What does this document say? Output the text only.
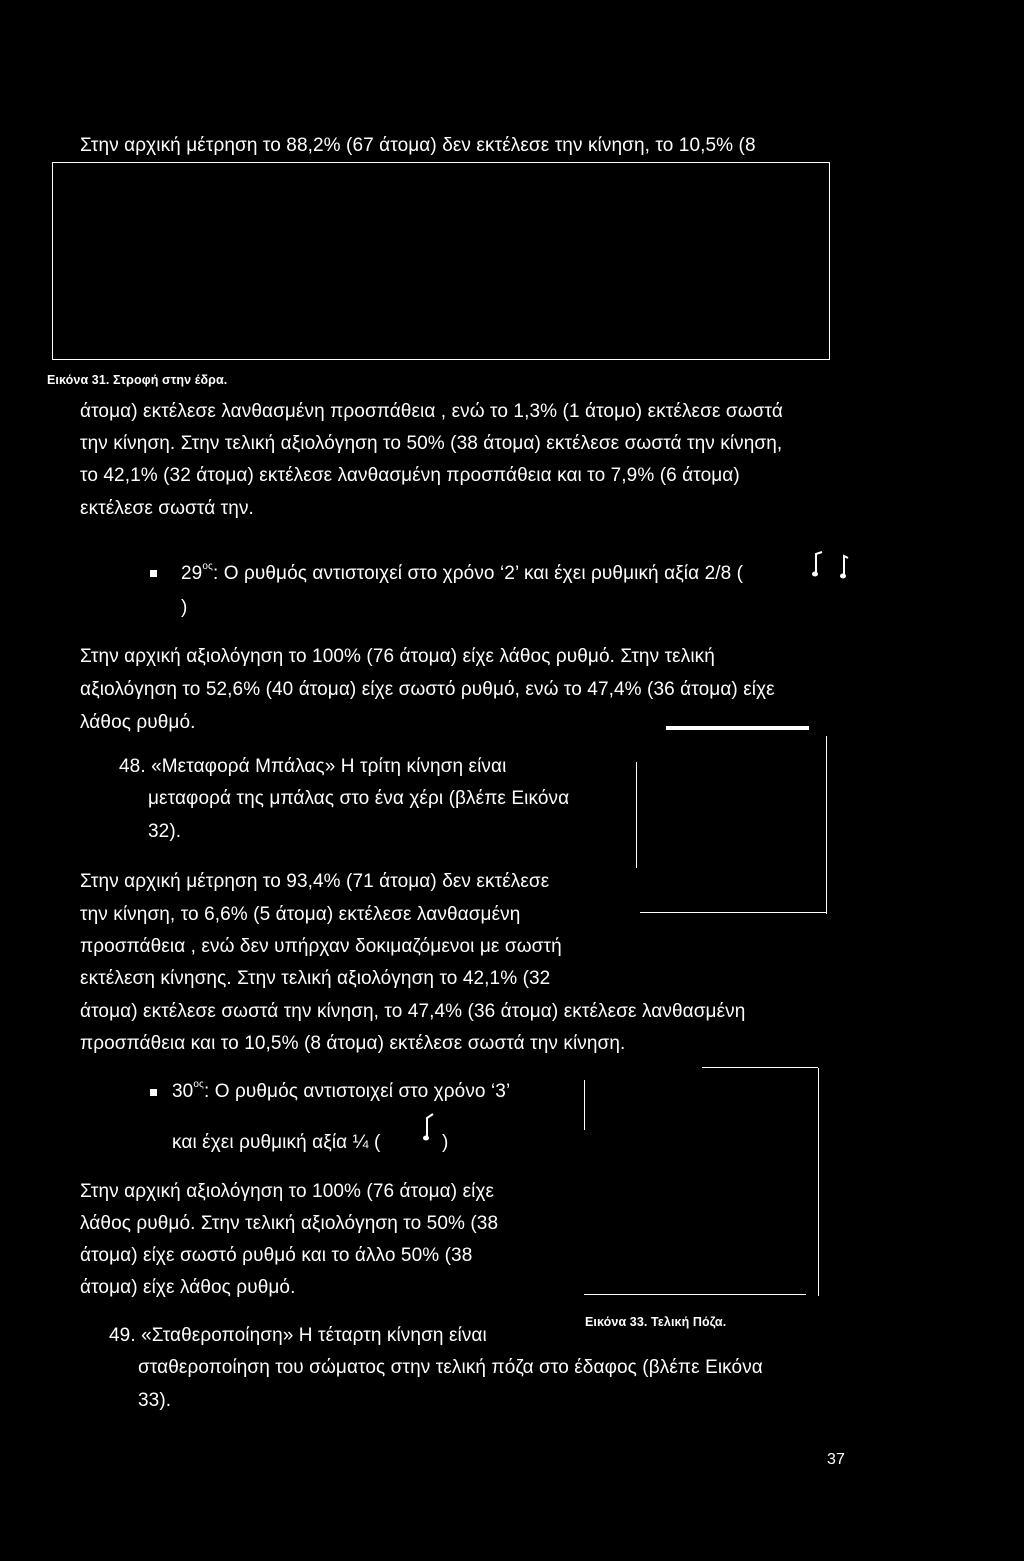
Στην αρχική μέτρηση το 88,2% (67 άτομα) δεν εκτέλεσε την κίνηση, το 10,5% (8
Εικόνα 31. Στροφή στην έδρα.
άτομα) εκτέλεσε λανθασμένη προσπάθεια , ενώ το 1,3% (1 άτομο) εκτέλεσε σωστά
την κίνηση. Στην τελική αξιολόγηση το 50% (38 άτομα) εκτέλεσε σωστά την κίνηση,
το 42,1% (32 άτομα) εκτέλεσε λανθασμένη προσπάθεια και το 7,9% (6 άτομα)
εκτέλεσε σωστά την.
$29^{o\varsigma}$: Ο ρυθμός αντιστοιχεί στο χρόνο ‘2’ και έχει ρυθμική αξία 2/8 (
)
Στην αρχική αξιολόγηση το 100% (76 άτομα) είχε λάθος ρυθμό. Στην τελική
αξιολόγηση το 52,6% (40 άτομα) είχε σωστό ρυθμό, ενώ το 47,4% (36 άτομα) είχε
λάθος ρυθμό.
48. «Μεταφορά Μπάλας» Η τρίτη κίνηση είναι
μεταφορά της μπάλας στο ένα χέρι (βλέπε Εικόνα
32).
Στην αρχική μέτρηση το 93,4% (71 άτομα) δεν εκτέλεσε
την κίνηση, το 6,6% (5 άτομα) εκτέλεσε λανθασμένη
προσπάθεια , ενώ δεν υπήρχαν δοκιμαζόμενοι με σωστή
εκτέλεση κίνησης. Στην τελική αξιολόγηση το 42,1% (32
άτομα) εκτέλεσε σωστά την κίνηση, το 47,4% (36 άτομα) εκτέλεσε λανθασμένη
προσπάθεια και το 10,5% (8 άτομα) εκτέλεσε σωστά την κίνηση.
$30^{o\varsigma}$: Ο ρυθμός αντιστοιχεί στο χρόνο ‘3’
και έχει ρυθμική αξία ¼ (	)
Στην αρχική αξιολόγηση το 100% (76 άτομα) είχε
λάθος ρυθμό. Στην τελική αξιολόγηση το 50% (38
άτομα) είχε σωστό ρυθμό και το άλλο 50% (38
άτομα) είχε λάθος ρυθμό.
Εικόνα 33. Τελική Πόζα.
49. «Σταθεροποίηση» Η τέταρτη κίνηση είναι
σταθεροποίηση του σώματος στην τελική πόζα στο έδαφος (βλέπε Εικόνα
33).
37
